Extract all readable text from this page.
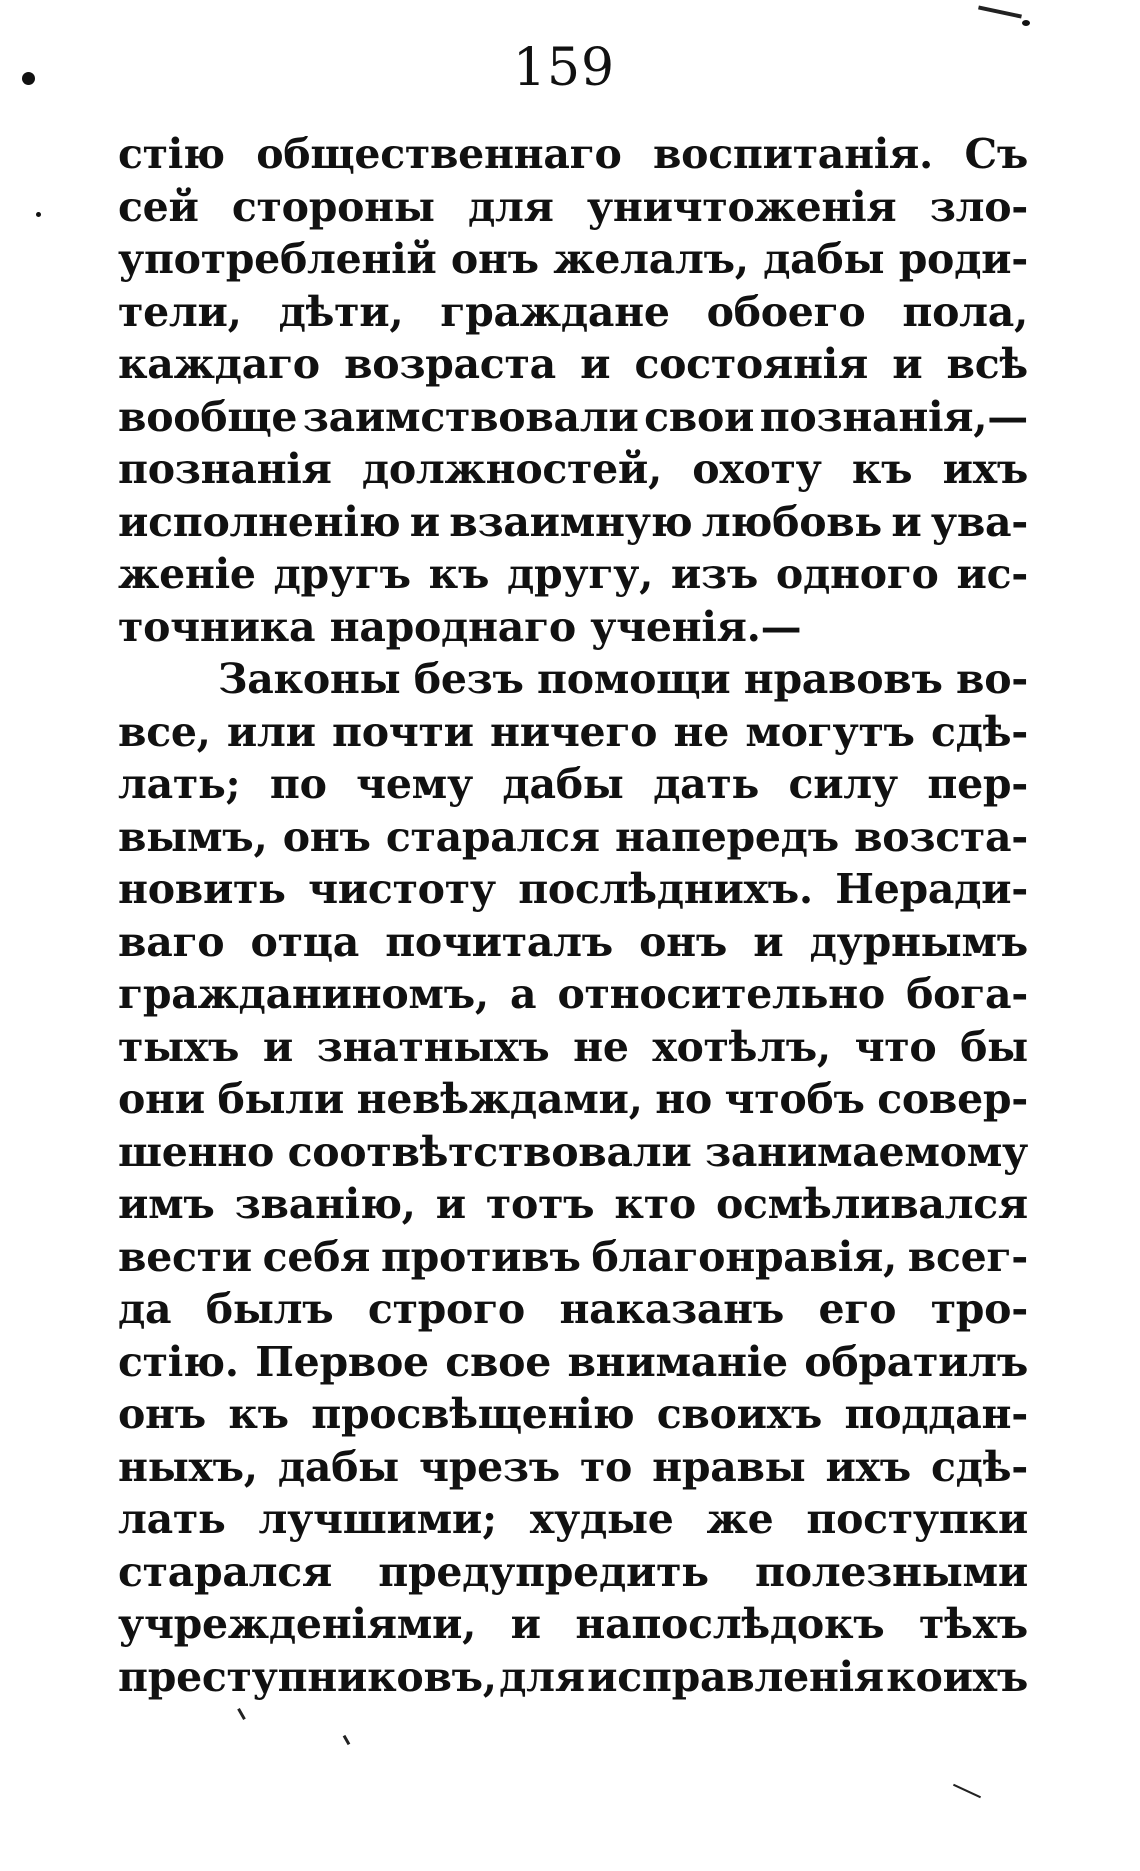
159
стію общественнаго воспитанія. Съ
сей стороны для уничтоженія зло-
употребленій онъ желалъ, дабы роди-
тели, дѣти, граждане обоего пола,
каждаго возраста и состоянія и всѣ
вообще заимствовали свои познанія,—
познанія должностей, охоту къ ихъ
исполненію и взаимную любовь и ува-
женіе другъ къ другу, изъ одного ис-
точника народнаго ученія.—
Законы безъ помощи нравовъ во-
все, или почти ничего не могутъ сдѣ-
лать; по чему дабы дать силу пер-
вымъ, онъ старался напередъ возста-
новить чистоту послѣднихъ. Неради-
ваго отца почиталъ онъ и дурнымъ
гражданиномъ, а относительно бога-
тыхъ и знатныхъ не хотѣлъ, что бы
они были невѣждами, но чтобъ совер-
шенно соотвѣтствовали занимаемому
имъ званію, и тотъ кто осмѣливался
вести себя противъ благонравія, всег-
да былъ строго наказанъ его тро-
стію. Первое свое вниманіе обратилъ
онъ къ просвѣщенію своихъ поддан-
ныхъ, дабы чрезъ то нравы ихъ сдѣ-
лать лучшими; худые же поступки
старался предупредить полезными
учрежденіями, и напослѣдокъ тѣхъ
преступниковъ, для исправленія коихъ
